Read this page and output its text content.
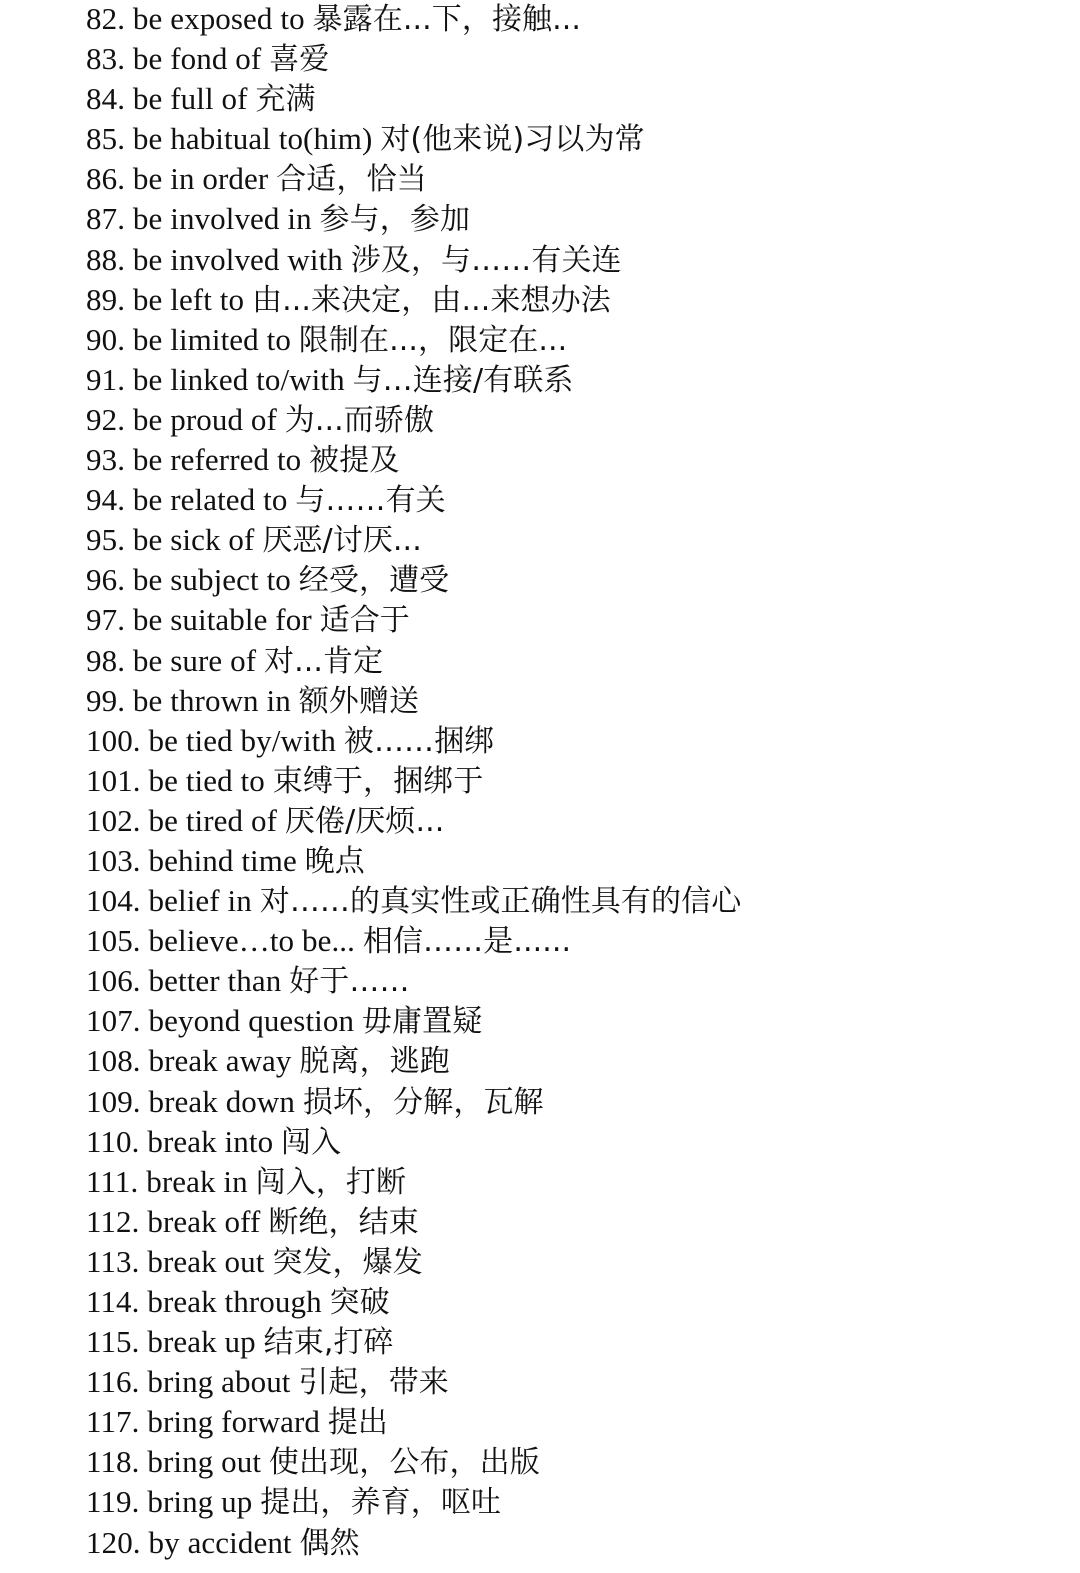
82. be exposed to 暴露在...下，接触...
83. be fond of 喜爱
84. be full of 充满
85. be habitual to(him) 对(他来说)习以为常
86. be in order 合适，恰当
87. be involved in 参与，参加
88. be involved with 涉及，与……有关连
89. be left to 由...来决定，由...来想办法
90. be limited to 限制在...，限定在...
91. be linked to/with 与…连接/有联系
92. be proud of 为...而骄傲
93. be referred to 被提及
94. be related to 与……有关
95. be sick of 厌恶/讨厌...
96. be subject to 经受，遭受
97. be suitable for 适合于
98. be sure of 对...肯定
99. be thrown in 额外赠送
100. be tied by/with 被……捆绑
101. be tied to 束缚于，捆绑于
102. be tired of 厌倦/厌烦...
103. behind time 晚点
104. belief in 对……的真实性或正确性具有的信心
105. believe…to be... 相信……是......
106. better than 好于……
107. beyond question 毋庸置疑
108. break away 脱离，逃跑
109. break down 损坏，分解，瓦解
110. break into 闯入
111. break in 闯入，打断
112. break off 断绝，结束
113. break out 突发，爆发
114. break through 突破
115. break up 结束,打碎
116. bring about 引起，带来
117. bring forward 提出
118. bring out 使出现，公布，出版
119. bring up 提出，养育，呕吐
120. by accident 偶然
